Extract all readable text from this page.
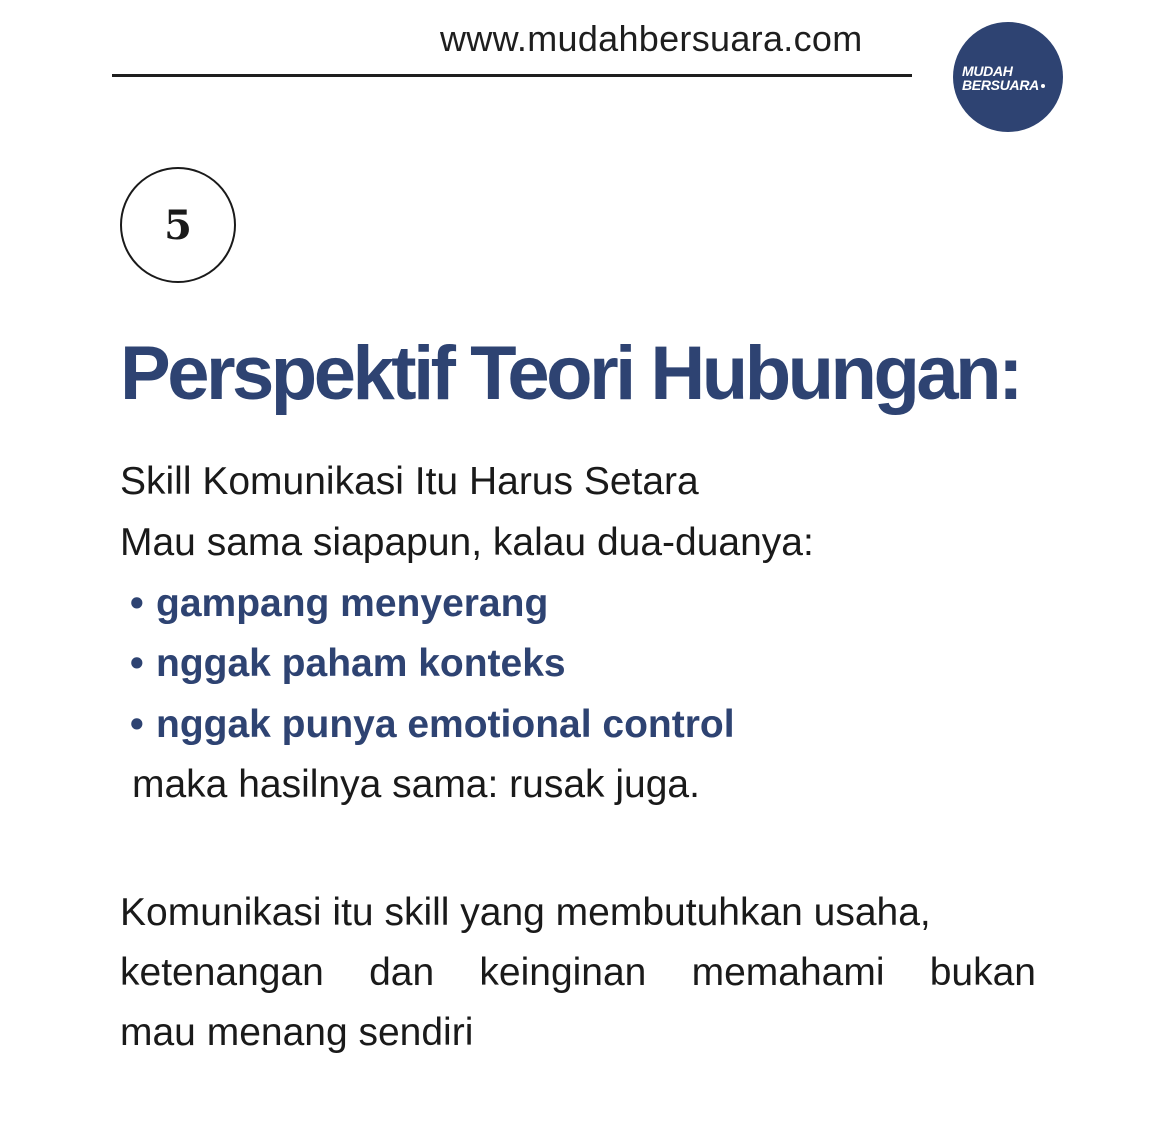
www.mudahbersuara.com
MUDAH
BERSUARA
5
Perspektif Teori Hubungan:
Skill Komunikasi Itu Harus Setara
Mau sama siapapun, kalau dua-duanya:
• gampang menyerang
• nggak paham konteks
• nggak punya emotional control
maka hasilnya sama: rusak juga.
Komunikasi itu skill yang membutuhkan usaha,
ketenangan dan keinginan memahami bukan
mau menang sendiri
